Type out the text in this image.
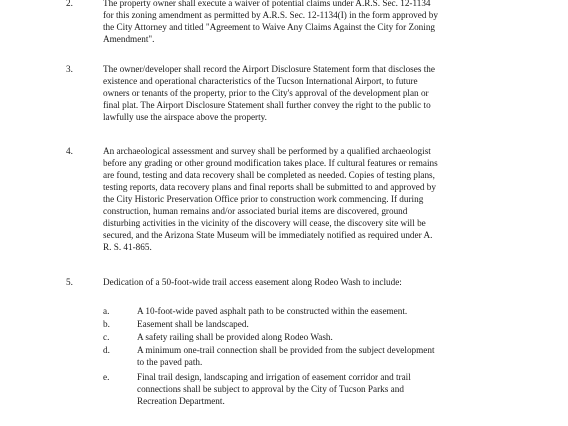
2.	The property owner shall execute a waiver of potential claims under A.R.S. Sec. 12-1134
for this zoning amendment as permitted by A.R.S. Sec. 12-1134(I) in the form approved by
the City Attorney and titled "Agreement to Waive Any Claims Against the City for Zoning
Amendment".
3.	The owner/developer shall record the Airport Disclosure Statement form that discloses the
existence and operational characteristics of the Tucson International Airport, to future
owners or tenants of the property, prior to the City's approval of the development plan or
final plat. The Airport Disclosure Statement shall further convey the right to the public to
lawfully use the airspace above the property.
4.	An archaeological assessment and survey shall be performed by a qualified archaeologist
before any grading or other ground modification takes place. If cultural features or remains
are found, testing and data recovery shall be completed as needed. Copies of testing plans,
testing reports, data recovery plans and final reports shall be submitted to and approved by
the City Historic Preservation Office prior to construction work commencing. If during
construction, human remains and/or associated burial items are discovered, ground
disturbing activities in the vicinity of the discovery will cease, the discovery site will be
secured, and the Arizona State Museum will be immediately notified as required under A.
R. S. 41-865.
5.	Dedication of a 50-foot-wide trail access easement along Rodeo Wash to include:
a.	A 10-foot-wide paved asphalt path to be constructed within the easement.
b.	Easement shall be landscaped.
c.	A safety railing shall be provided along Rodeo Wash.
d.	A minimum one-trail connection shall be provided from the subject development
to the paved path.
e.	Final trail design, landscaping and irrigation of easement corridor and trail
connections shall be subject to approval by the City of Tucson Parks and
Recreation Department.
